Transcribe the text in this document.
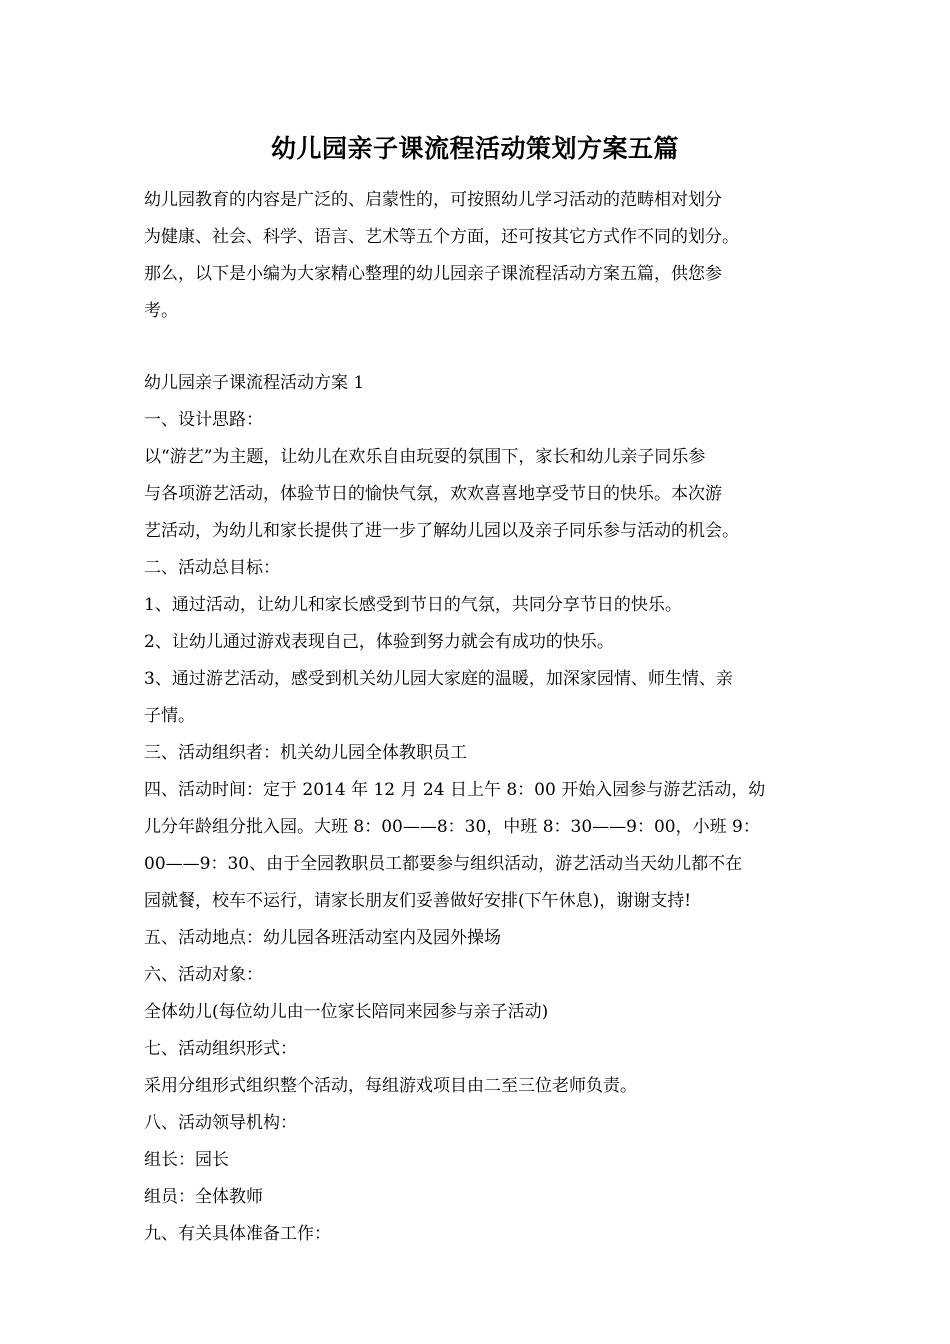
幼儿园亲子课流程活动策划方案五篇
幼儿园教育的内容是广泛的、启蒙性的，可按照幼儿学习活动的范畴相对划分
为健康、社会、科学、语言、艺术等五个方面，还可按其它方式作不同的划分。
那么，以下是小编为大家精心整理的幼儿园亲子课流程活动方案五篇，供您参
考。
幼儿园亲子课流程活动方案 1
一、设计思路：
以“游艺”为主题，让幼儿在欢乐自由玩耍的氛围下，家长和幼儿亲子同乐参
与各项游艺活动，体验节日的愉快气氛，欢欢喜喜地享受节日的快乐。本次游
艺活动，为幼儿和家长提供了进一步了解幼儿园以及亲子同乐参与活动的机会。
二、活动总目标：
1、通过活动，让幼儿和家长感受到节日的气氛，共同分享节日的快乐。
2、让幼儿通过游戏表现自己，体验到努力就会有成功的快乐。
3、通过游艺活动，感受到机关幼儿园大家庭的温暖，加深家园情、师生情、亲
子情。
三、活动组织者：机关幼儿园全体教职员工
四、活动时间：定于 2014 年 12 月 24 日上午 8：00 开始入园参与游艺活动，幼
儿分年龄组分批入园。大班 8：00——8：30，中班 8：30——9：00，小班 9：
00——9：30、由于全园教职员工都要参与组织活动，游艺活动当天幼儿都不在
园就餐，校车不运行，请家长朋友们妥善做好安排(下午休息)，谢谢支持!
五、活动地点：幼儿园各班活动室内及园外操场
六、活动对象：
全体幼儿(每位幼儿由一位家长陪同来园参与亲子活动)
七、活动组织形式：
采用分组形式组织整个活动，每组游戏项目由二至三位老师负责。
八、活动领导机构：
组长：园长
组员：全体教师
九、有关具体准备工作：
